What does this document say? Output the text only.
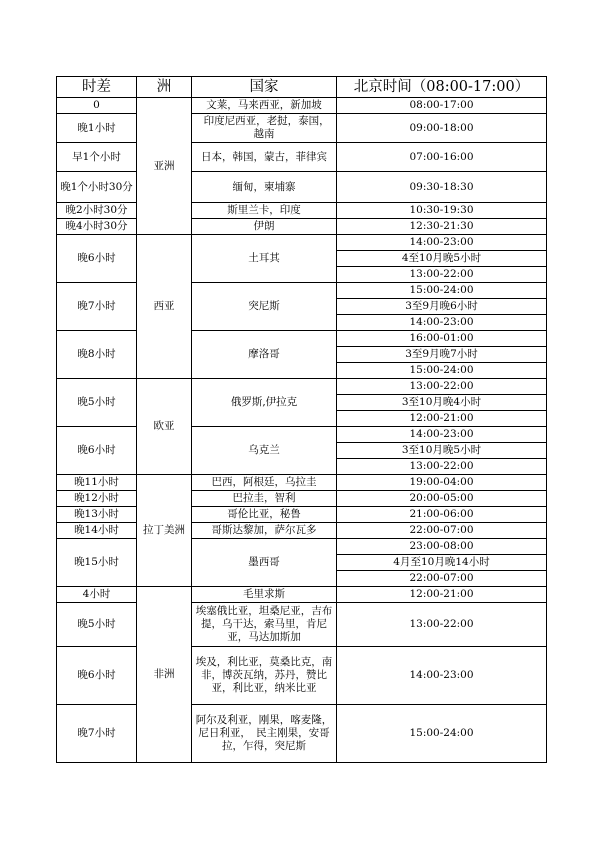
时差	洲	国家	北京时间（08:00-17:00）
0	亚洲	文莱，马来西亚，新加坡	08:00-17:00
晚1小时		印度尼西亚，老挝，泰国，　越南	09:00-18:00
早1个小时		日本，韩国，蒙古，菲律宾	07:00-16:00
晚1个小时30分		缅甸，柬埔寨	09:30-18:30
晚2小时30分		斯里兰卡，印度	10:30-19:30
晚4小时30分		伊朗	12:30-21:30
晚6小时	西亚	土耳其	14:00-23:00
			4至10月晚5小时
			13:00-22:00
晚7小时		突尼斯	15:00-24:00
			3至9月晚6小时
			14:00-23:00
晚8小时		摩洛哥	16:00-01:00
			3至9月晚7小时
			15:00-24:00
晚5小时	欧亚	俄罗斯,伊拉克	13:00-22:00
			3至10月晚4小时
			12:00-21:00
晚6小时		乌克兰	14:00-23:00
			3至10月晚5小时
			13:00-22:00
晚11小时	拉丁美洲	巴西，阿根廷，乌拉圭	19:00-04:00
晚12小时		巴拉圭，智利	20:00-05:00
晚13小时		哥伦比亚，秘鲁	21:00-06:00
晚14小时		哥斯达黎加，萨尔瓦多	22:00-07:00
晚15小时		墨西哥	23:00-08:00
			4月至10月晚14小时
			22:00-07:00
4小时	非洲	毛里求斯	12:00-21:00
晚5小时		埃塞俄比亚，坦桑尼亚，吉布提，乌干达，索马里，肯尼亚，马达加斯加	13:00-22:00
晚6小时		埃及，利比亚，莫桑比克，南非，博茨瓦纳，苏丹，赞比亚，利比亚，纳米比亚	14:00-23:00
晚7小时		阿尔及利亚，刚果，喀麦隆，尼日利亚，　民主刚果，安哥拉，乍得，突尼斯	15:00-24:00
